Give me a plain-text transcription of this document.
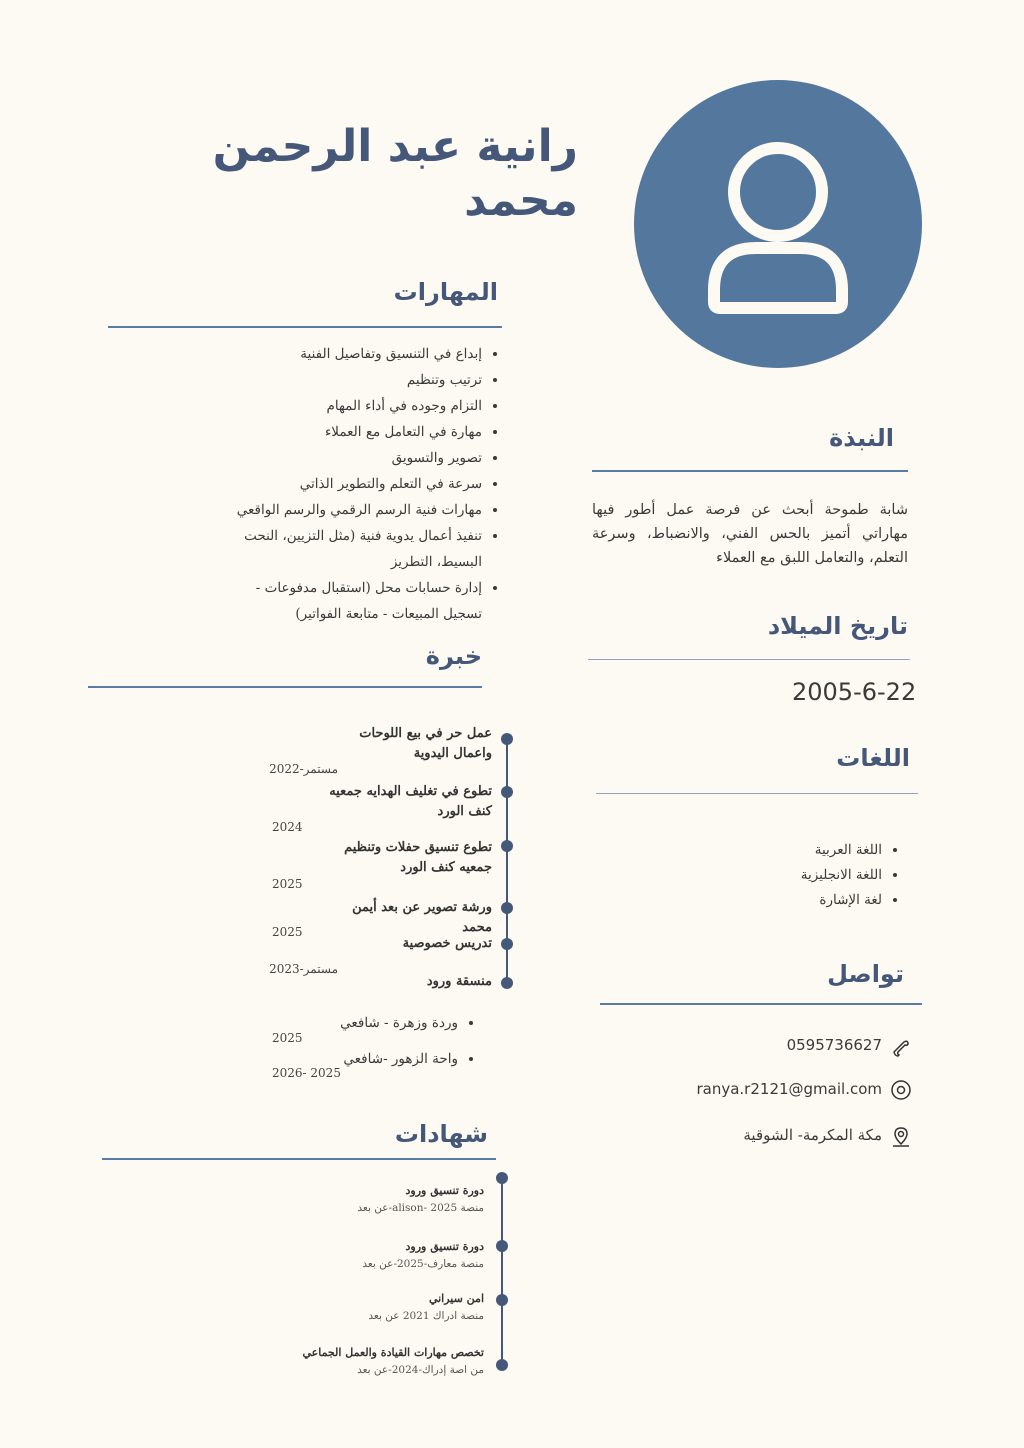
رانية عبد الرحمن محمد
المهارات
• إبداع في التنسيق وتفاصيل الفنية
• ترتيب وتنظيم
• التزام وجوده في أداء المهام
• مهارة في التعامل مع العملاء
• تصوير والتسويق
• سرعة في التعلم والتطوير الذاتي
• مهارات فنية الرسم الرقمي والرسم الواقعي
• تنفيذ أعمال يدوية فنية (مثل التزيين، النحت البسيط، التطريز
• إدارة حسابات محل (استقبال مدفوعات - تسجيل المبيعات - متابعة الفواتير)
النبذة
شابة طموحة أبحث عن فرصة عمل أطور فيها مهاراتي أتميز بالحس الفني، والانضباط، وسرعة التعلم، والتعامل اللبق مع العملاء
تاريخ الميلاد
2005-6-22
اللغات
• اللغة العربية
• اللغة الانجليزية
• لغة الإشارة
خبرة
عمل حر في بيع اللوحات واعمال اليدوية
مستمر-2022
تطوع في تغليف الهدايه جمعيه كنف الورد
2024
تطوع تنسيق حفلات وتنظيم جمعيه كنف الورد
2025
ورشة تصوير عن بعد أيمن محمد
2025
تدريس خصوصية
مستمر-2023
منسقة ورود
• وردة وزهرة - شافعي
2025
• واحة الزهور -شافعي
2026- 2025
تواصل
0595736627
ranya.r2121@gmail.com
مكة المكرمة- الشوقية
شهادات
دورة تنسيق ورود
منصة alison- 2025-عن بعد
دورة تنسيق ورود
منصة معارف-2025-عن بعد
امن سيراني
منصة ادراك 2021 عن بعد
تخصص مهارات القيادة والعمل الجماعي
من اصة إدراك-2024-عن بعد
